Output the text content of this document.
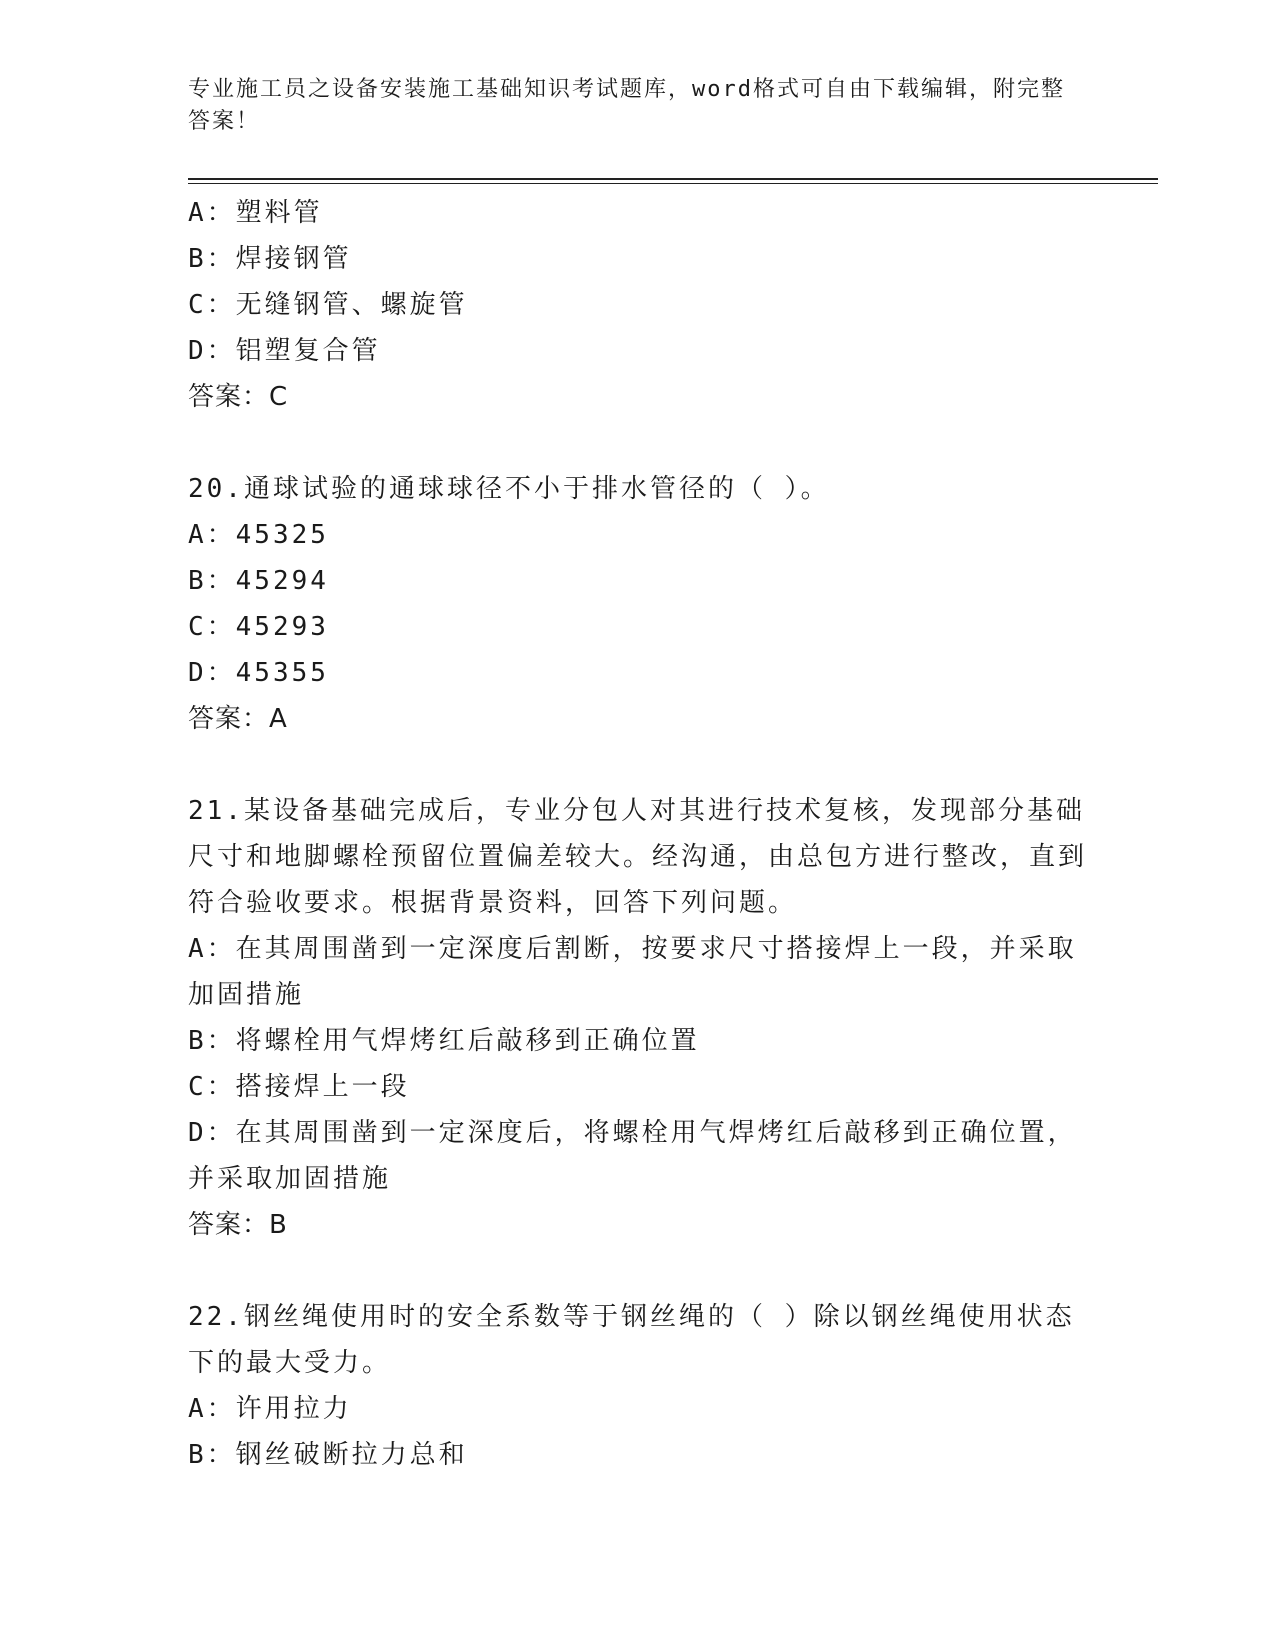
专业施工员之设备安装施工基础知识考试题库，word格式可自由下载编辑，附完整答案！
A：塑料管
B：焊接钢管
C：无缝钢管、螺旋管
D：铝塑复合管
答案：C
20.通球试验的通球球径不小于排水管径的（ ）。
A：45325
B：45294
C：45293
D：45355
答案：A
21.某设备基础完成后，专业分包人对其进行技术复核，发现部分基础尺寸和地脚螺栓预留位置偏差较大。经沟通，由总包方进行整改，直到符合验收要求。根据背景资料，回答下列问题。
A：在其周围凿到一定深度后割断，按要求尺寸搭接焊上一段，并采取加固措施
B：将螺栓用气焊烤红后敲移到正确位置
C：搭接焊上一段
D：在其周围凿到一定深度后，将螺栓用气焊烤红后敲移到正确位置，并采取加固措施
答案：B
22.钢丝绳使用时的安全系数等于钢丝绳的（ ）除以钢丝绳使用状态下的最大受力。
A：许用拉力
B：钢丝破断拉力总和
